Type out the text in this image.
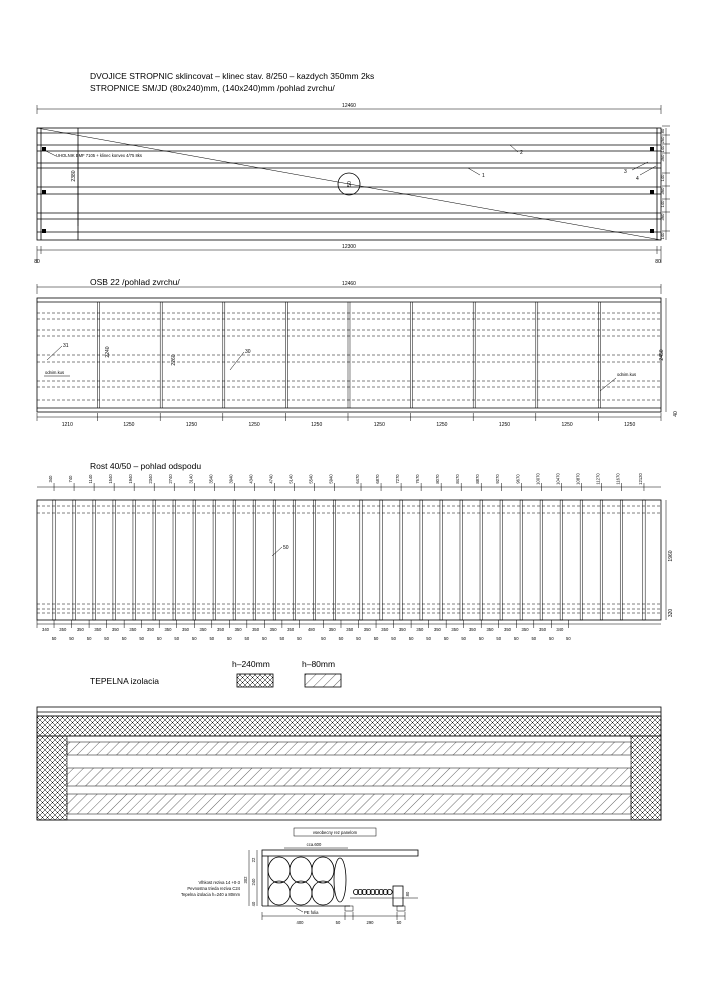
DVOJICE STROPNIC sklincovat – klinec stav. 8/250 – kazdych 350mm 2ks
STROPNICE SM/JD (80x240)mm, (140x240)mm /pohlad zvrchu/
12460
UHOLNIK BMF 7105 + klinec konvex 4/75 8ks
50
1
2
3
4
2380
80
260
140
360
140
360
140
360
140
12300
80	80
OSB 22 /pohlad zvrchu/	12460
31
30
odnim.kus	odnim.kus
2240
2260	2450
40
1210	1250	1250	1250	1250	1250	1250	1250	1250	1250
Rost 40/50 – pohlad odspodu
340	740	1140	1540	1940	2340	2740	3140	3540	3940	4340	4740	5140	5540	5940	6470	6870	7270	7670	8070	8470	8870	9270	9670	10070	10470	10870	11270	11670	12120
50
1960
320
340
50
350
50
350
50
350
50
350
50
350
50
350
50
350
50
350
50
350
50
350
50
350
50
350
50
350
50
350
50
480
50
350
50
350
50
350
50
350
50
350
50
350
50
350
50
350
50
350
50
350
50
350
50
350
50
350
50
340
50
h–240mm	h–80mm
TEPELNA izolacia
vseobecny rez panelom
cca.600
22
302 240
40
80
Vlhkost reziva 14 +0-3
Pevnostna trieda reziva C24
Tepelna izolacia h=240 a 80mm
400	50	290	50
PE folia
